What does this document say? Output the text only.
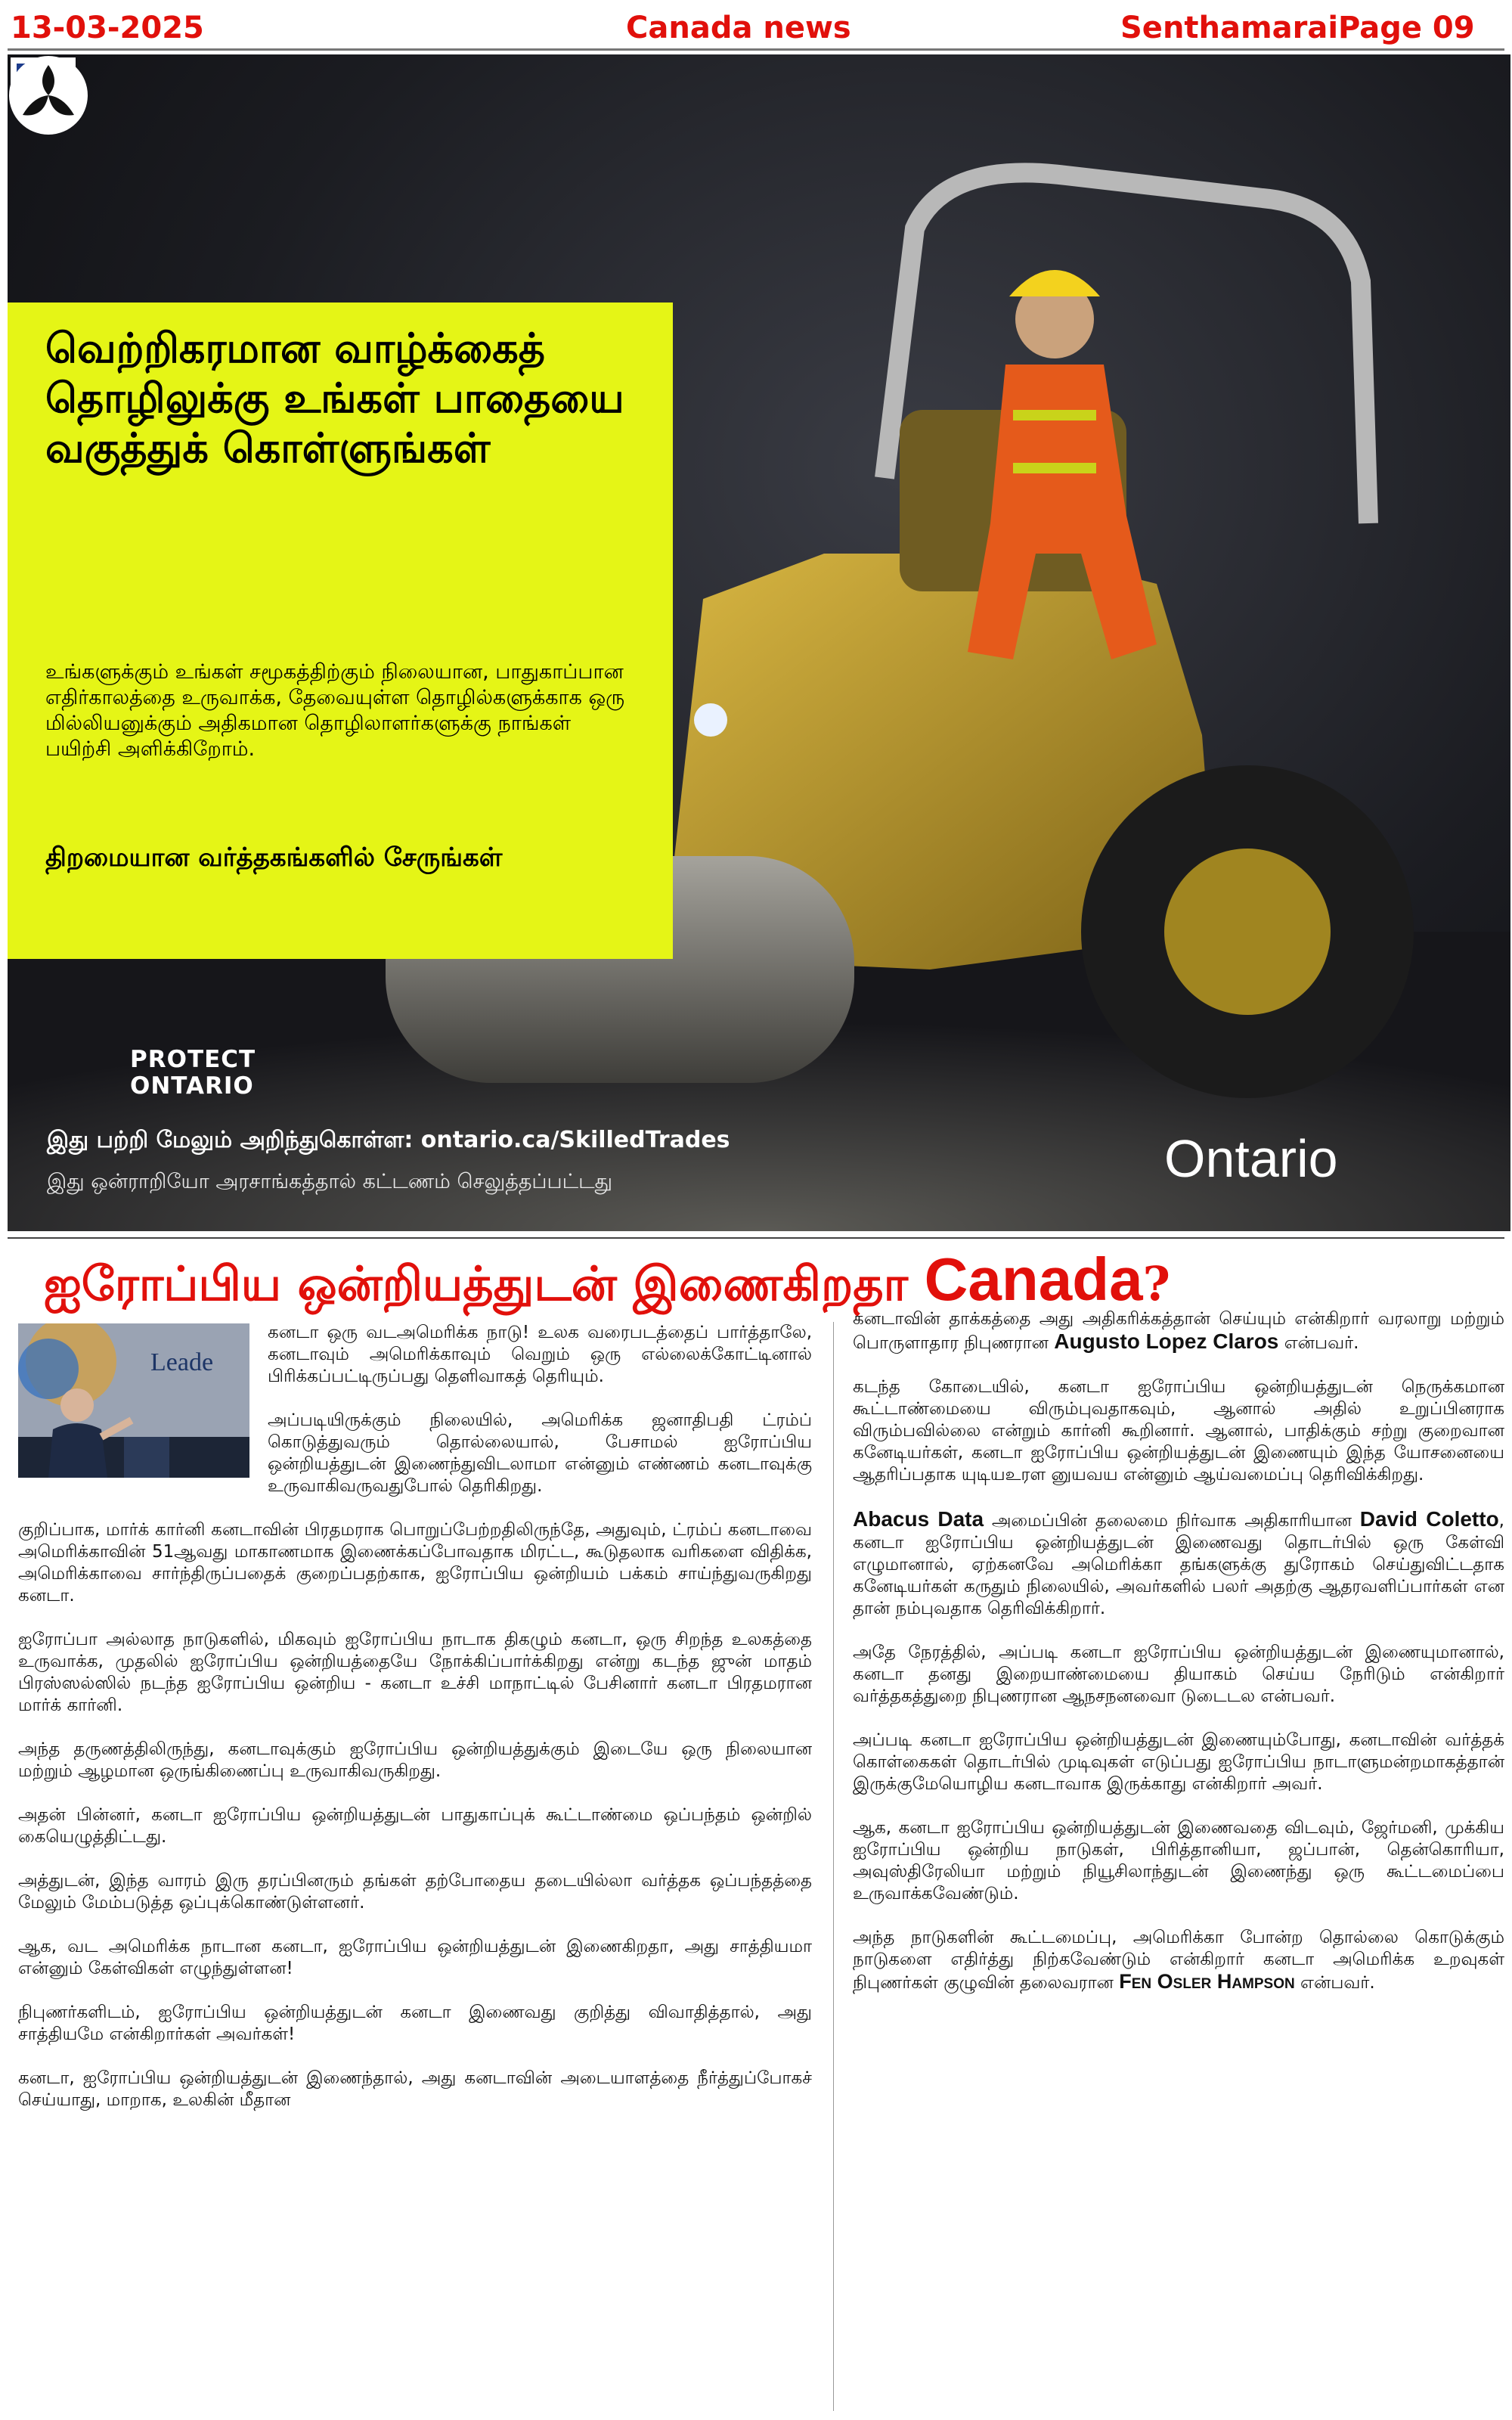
13-03-2025	Canada news	Senthamarai Page 09
வெற்றிகரமான வாழ்க்கைத் தொழிலுக்கு உங்கள் பாதையை வகுத்துக் கொள்ளுங்கள்

உங்களுக்கும் உங்கள் சமூகத்திற்கும் நிலையான, பாதுகாப்பான எதிர்காலத்தை உருவாக்க, தேவையுள்ள தொழில்களுக்காக ஒரு மில்லியனுக்கும் அதிகமான தொழிலாளர்களுக்கு நாங்கள் பயிற்சி அளிக்கிறோம்.

திறமையான வர்த்தகங்களில் சேருங்கள்

PROTECT
ONTARIO
இது பற்றி மேலும் அறிந்துகொள்ள: ontario.ca/SkilledTrades
இது ஒன்ராறியோ அரசாங்கத்தால் கட்டணம் செலுத்தப்பட்டது	Ontario
ஐரோப்பிய ஒன்றியத்துடன் இணைகிறதா Canada?
Leade

கனடா ஒரு வடஅமெரிக்க நாடு! உலக வரைபடத்தைப் பார்த்தாலே, கனடாவும் அமெரிக்காவும் வெறும் ஒரு எல்லைக்கோட்டினால் பிரிக்கப்பட்டிருப்பது தெளிவாகத் தெரியும்.

அப்படியிருக்கும் நிலையில், அமெரிக்க ஜனாதிபதி ட்ரம்ப் கொடுத்துவரும் தொல்லையால், பேசாமல் ஐரோப்பிய ஒன்றியத்துடன் இணைந்துவிடலாமா என்னும் எண்ணம் கனடாவுக்கு உருவாகிவருவதுபோல் தெரிகிறது.

குறிப்பாக, மார்க் கார்னி கனடாவின் பிரதமராக பொறுப்பேற்றதிலிருந்தே, அதுவும், ட்ரம்ப் கனடாவை அமெரிக்காவின் 51ஆவது மாகாணமாக இணைக்கப்போவதாக மிரட்ட, கூடுதலாக வரிகளை விதிக்க, அமெரிக்காவை சார்ந்திருப்பதைக் குறைப்பதற்காக, ஐரோப்பிய ஒன்றியம் பக்கம் சாய்ந்துவருகிறது கனடா.

ஐரோப்பா அல்லாத நாடுகளில், மிகவும் ஐரோப்பிய நாடாக திகழும் கனடா, ஒரு சிறந்த உலகத்தை உருவாக்க, முதலில் ஐரோப்பிய ஒன்றியத்தையே நோக்கிப்பார்க்கிறது என்று கடந்த ஜுன் மாதம் பிரஸ்ஸல்ஸில் நடந்த ஐரோப்பிய ஒன்றிய - கனடா உச்சி மாநாட்டில் பேசினார் கனடா பிரதமரான மார்க் கார்னி.

அந்த தருணத்திலிருந்து, கனடாவுக்கும் ஐரோப்பிய ஒன்றியத்துக்கும் இடையே ஒரு நிலையான மற்றும் ஆழமான ஒருங்கிணைப்பு உருவாகிவருகிறது.

அதன் பின்னர், கனடா ஐரோப்பிய ஒன்றியத்துடன் பாதுகாப்புக் கூட்டாண்மை ஒப்பந்தம் ஒன்றில் கையெழுத்திட்டது.

அத்துடன், இந்த வாரம் இரு தரப்பினரும் தங்கள் தற்போதைய தடையில்லா வர்த்தக ஒப்பந்தத்தை மேலும் மேம்படுத்த ஒப்புக்கொண்டுள்ளனர்.

ஆக, வட அமெரிக்க நாடான கனடா, ஐரோப்பிய ஒன்றியத்துடன் இணைகிறதா, அது சாத்தியமா என்னும் கேள்விகள் எழுந்துள்ளன!

நிபுணர்களிடம், ஐரோப்பிய ஒன்றியத்துடன் கனடா இணைவது குறித்து விவாதித்தால், அது சாத்தியமே என்கிறார்கள் அவர்கள்!

கனடா, ஐரோப்பிய ஒன்றியத்துடன் இணைந்தால், அது கனடாவின் அடையாளத்தை நீர்த்துப்போகச் செய்யாது, மாறாக, உலகின் மீதான

கனடாவின் தாக்கத்தை அது அதிகரிக்கத்தான் செய்யும் என்கிறார் வரலாறு மற்றும் பொருளாதார நிபுணரான Augusto Lopez Claros என்பவர்.

கடந்த கோடையில், கனடா ஐரோப்பிய ஒன்றியத்துடன் நெருக்கமான கூட்டாண்மையை விரும்புவதாகவும், ஆனால் அதில் உறுப்பினராக விரும்பவில்லை என்றும் கார்னி கூறினார். ஆனால், பாதிக்கும் சற்று குறைவான கனேடியர்கள், கனடா ஐரோப்பிய ஒன்றியத்துடன் இணையும் இந்த யோசனையை ஆதரிப்பதாக யுடியஉரள னுயவய என்னும் ஆய்வமைப்பு தெரிவிக்கிறது.

Abacus Data அமைப்பின் தலைமை நிர்வாக அதிகாரியான David Coletto, கனடா ஐரோப்பிய ஒன்றியத்துடன் இணைவது தொடர்பில் ஒரு கேள்வி எழுமானால், ஏற்கனவே அமெரிக்கா தங்களுக்கு துரோகம் செய்துவிட்டதாக கனேடியர்கள் கருதும் நிலையில், அவர்களில் பலர் அதற்கு ஆதரவளிப்பார்கள் என தான் நம்புவதாக தெரிவிக்கிறார்.

அதே நேரத்தில், அப்படி கனடா ஐரோப்பிய ஒன்றியத்துடன் இணையுமானால், கனடா தனது இறையாண்மையை தியாகம் செய்ய நேரிடும் என்கிறார் வர்த்தகத்துறை நிபுணரான ஆநசநனவைா டுடைடல என்பவர்.

அப்படி கனடா ஐரோப்பிய ஒன்றியத்துடன் இணையும்போது, கனடாவின் வர்த்தக் கொள்கைகள் தொடர்பில் முடிவுகள் எடுப்பது ஐரோப்பிய நாடாளுமன்றமாகத்தான் இருக்குமேயொழிய கனடாவாக இருக்காது என்கிறார் அவர்.

ஆக, கனடா ஐரோப்பிய ஒன்றியத்துடன் இணைவதை விடவும், ஜேர்மனி, முக்கிய ஐரோப்பிய ஒன்றிய நாடுகள், பிரித்தானியா, ஜப்பான், தென்கொரியா, அவுஸ்திரேலியா மற்றும் நியூசிலாந்துடன் இணைந்து ஒரு கூட்டமைப்பை உருவாக்கவேண்டும்.

அந்த நாடுகளின் கூட்டமைப்பு, அமெரிக்கா போன்ற தொல்லை கொடுக்கும் நாடுகளை எதிர்த்து நிற்கவேண்டும் என்கிறார் கனடா அமெரிக்க உறவுகள் நிபுணர்கள் குழுவின் தலைவரான Fen Osler Hampson என்பவர்.
